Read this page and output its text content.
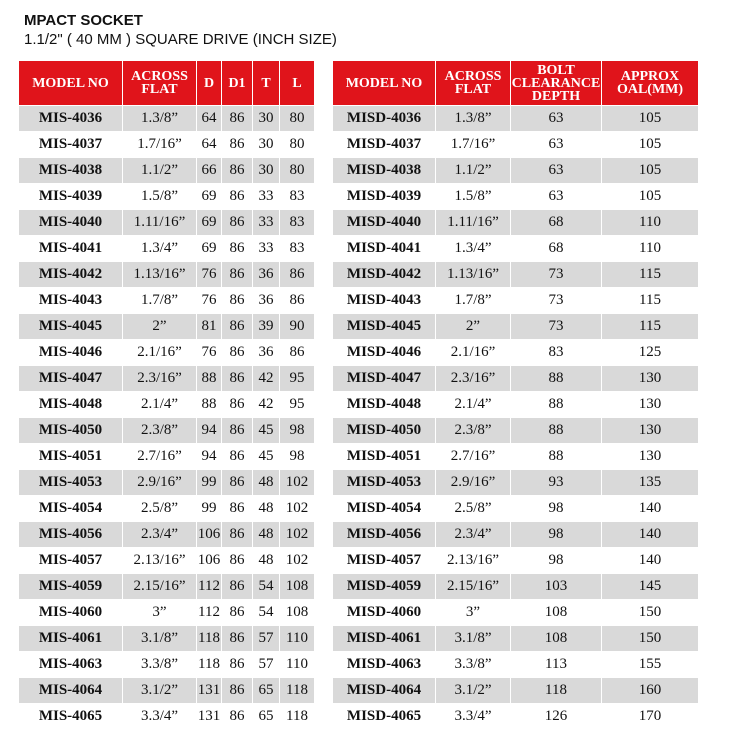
MPACT SOCKET
1.1/2" ( 40 MM ) SQUARE DRIVE (INCH SIZE)
MODEL NO	ACROSS FLAT	D	D1	T	L		MODEL NO	ACROSS FLAT	BOLT CLEARANCE DEPTH	APPROX OAL(MM)
MIS-4036	1.3/8”	64	86	30	80		MISD-4036	1.3/8”	63	105
MIS-4037	1.7/16”	64	86	30	80		MISD-4037	1.7/16”	63	105
MIS-4038	1.1/2”	66	86	30	80		MISD-4038	1.1/2”	63	105
MIS-4039	1.5/8”	69	86	33	83		MISD-4039	1.5/8”	63	105
MIS-4040	1.11/16”	69	86	33	83		MISD-4040	1.11/16”	68	110
MIS-4041	1.3/4”	69	86	33	83		MISD-4041	1.3/4”	68	110
MIS-4042	1.13/16”	76	86	36	86		MISD-4042	1.13/16”	73	115
MIS-4043	1.7/8”	76	86	36	86		MISD-4043	1.7/8”	73	115
MIS-4045	2”	81	86	39	90		MISD-4045	2”	73	115
MIS-4046	2.1/16”	76	86	36	86		MISD-4046	2.1/16”	83	125
MIS-4047	2.3/16”	88	86	42	95		MISD-4047	2.3/16”	88	130
MIS-4048	2.1/4”	88	86	42	95		MISD-4048	2.1/4”	88	130
MIS-4050	2.3/8”	94	86	45	98		MISD-4050	2.3/8”	88	130
MIS-4051	2.7/16”	94	86	45	98		MISD-4051	2.7/16”	88	130
MIS-4053	2.9/16”	99	86	48	102		MISD-4053	2.9/16”	93	135
MIS-4054	2.5/8”	99	86	48	102		MISD-4054	2.5/8”	98	140
MIS-4056	2.3/4”	106	86	48	102		MISD-4056	2.3/4”	98	140
MIS-4057	2.13/16”	106	86	48	102		MISD-4057	2.13/16”	98	140
MIS-4059	2.15/16”	112	86	54	108		MISD-4059	2.15/16”	103	145
MIS-4060	3”	112	86	54	108		MISD-4060	3”	108	150
MIS-4061	3.1/8”	118	86	57	110		MISD-4061	3.1/8”	108	150
MIS-4063	3.3/8”	118	86	57	110		MISD-4063	3.3/8”	113	155
MIS-4064	3.1/2”	131	86	65	118		MISD-4064	3.1/2”	118	160
MIS-4065	3.3/4”	131	86	65	118		MISD-4065	3.3/4”	126	170
